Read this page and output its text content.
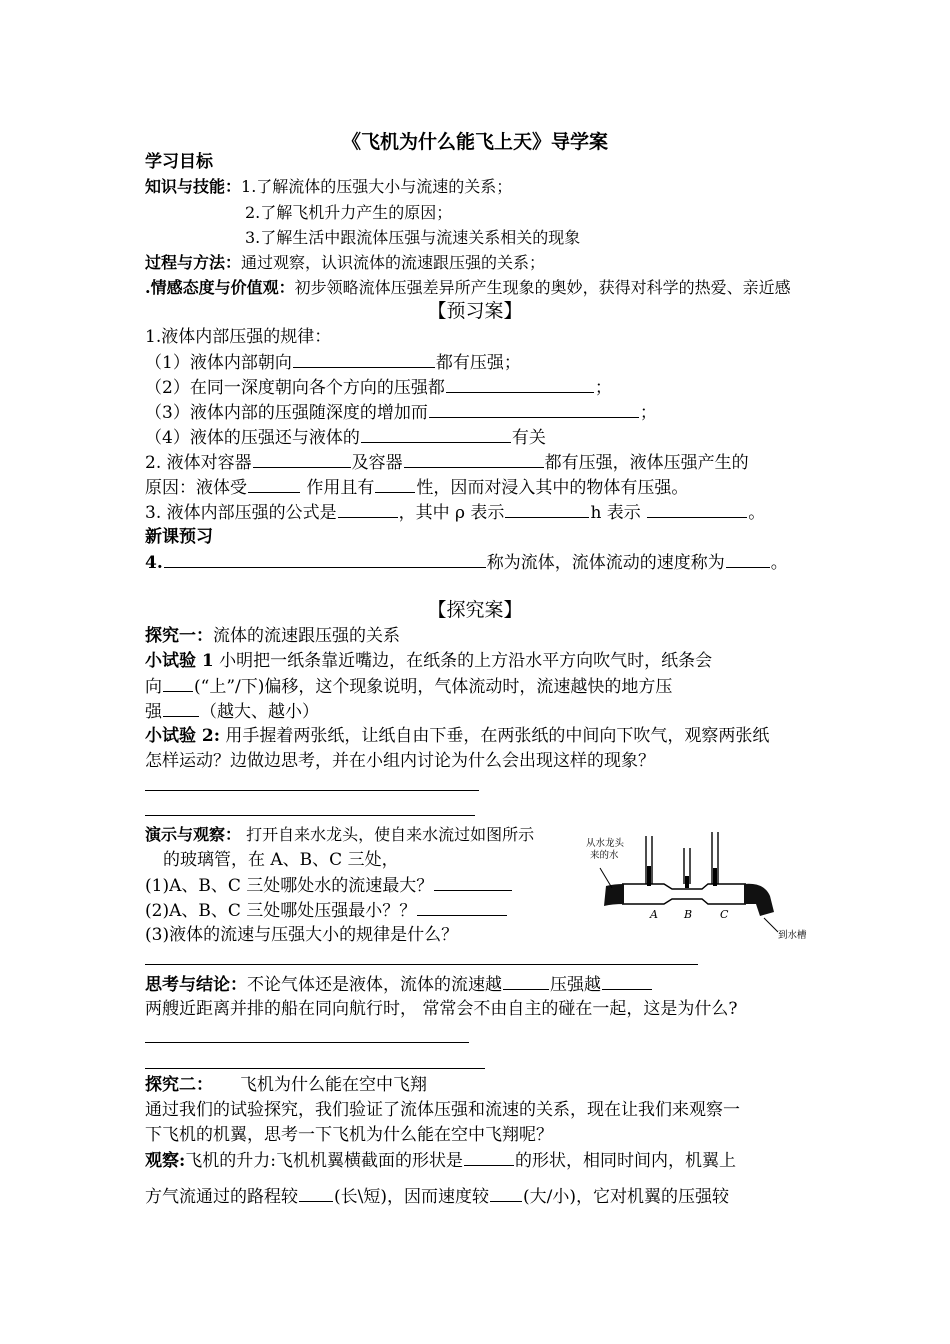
《飞机为什么能飞上天》导学案
学习目标
知识与技能：1.了解流体的压强大小与流速的关系；
2.了解飞机升力产生的原因；
3.了解生活中跟流体压强与流速关系相关的现象
过程与方法：通过观察，认识流体的流速跟压强的关系；
.情感态度与价值观：初步领略流体压强差异所产生现象的奥妙，获得对科学的热爱、亲近感
【预习案】
1.液体内部压强的规律：
（1）液体内部朝向	都有压强；
（2）在同一深度朝向各个方向的压强都	；
（3）液体内部的压强随深度的增加而	；
（4）液体的压强还与液体的	有关
2. 液体对容器	及容器	都有压强，液体压强产生的
原因：液体受	作用且有 性，因而对浸入其中的物体有压强。
3. 液体内部压强的公式是	，其中 ρ 表示	h 表示	。
新课预习
4.	称为流体，流体流动的速度称为	。
【探究案】
探究一：流体的流速跟压强的关系
小试验 1 小明把一纸条靠近嘴边，在纸条的上方沿水平方向吹气时，纸条会
向 (“上”/下)偏移，这个现象说明，气体流动时，流速越快的地方压
强 （越大、越小）
小试验 2: 用手握着两张纸，让纸自由下垂，在两张纸的中间向下吹气，观察两张纸
怎样运动？边做边思考，并在小组内讨论为什么会出现这样的现象？
演示与观察： 打开自来水龙头，使自来水流过如图所示
的玻璃管，在 A、B、C 三处，
(1)A、B、C 三处哪处水的流速最大？
(2)A、B、C 三处哪处压强最小？？
(3)液体的流速与压强大小的规律是什么？
从水龙头
来的水
A B	C
到水槽
思考与结论：不论气体还是液体，流体的流速越	压强越
两艘近距离并排的船在同向航行时， 常常会不由自主的碰在一起，这是为什么?
探究二：     飞机为什么能在空中飞翔
通过我们的试验探究，我们验证了流体压强和流速的关系，现在让我们来观察一
下飞机的机翼，思考一下飞机为什么能在空中飞翔呢？
观察:飞机的升力:飞机机翼横截面的形状是	的形状，相同时间内，机翼上
方气流通过的路程较 (长\短)，因而速度较 (大/小)，它对机翼的压强较
